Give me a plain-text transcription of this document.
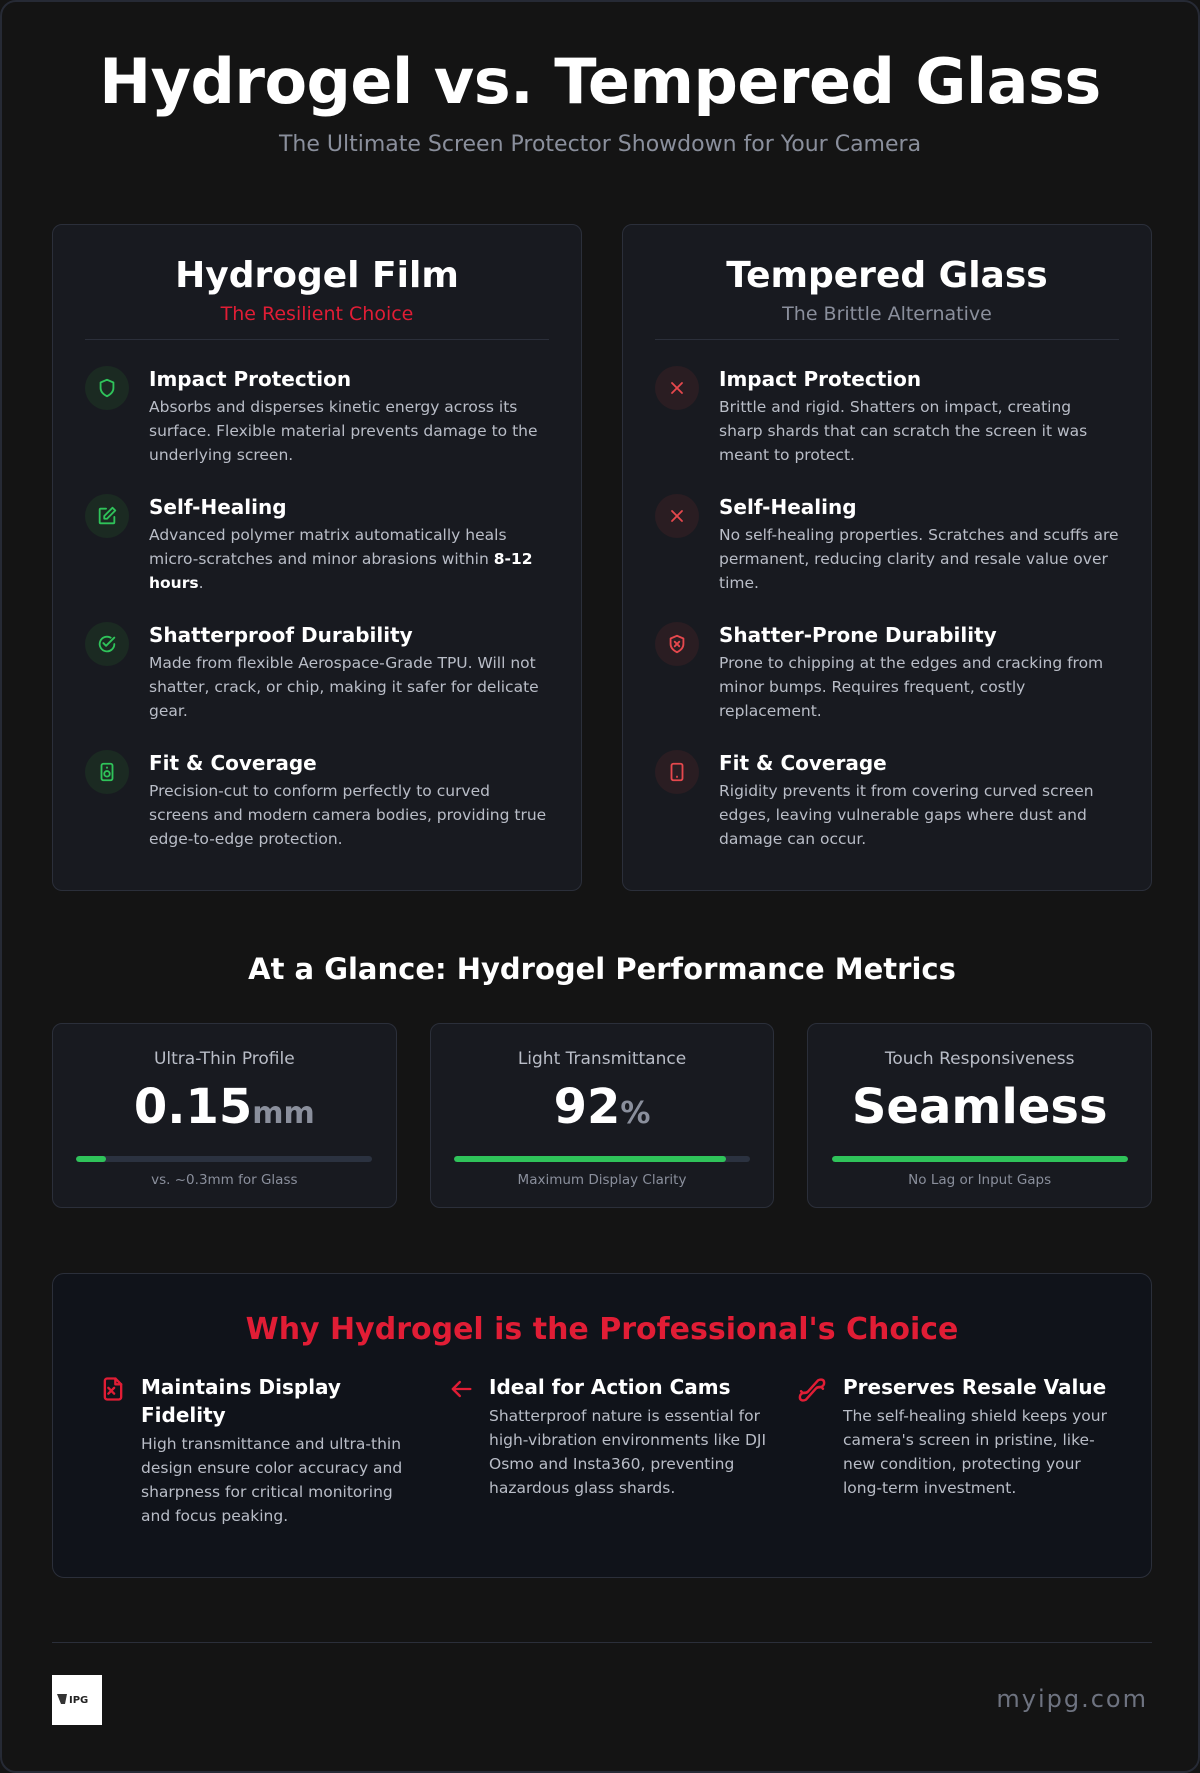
Hydrogel vs. Tempered Glass
The Ultimate Screen Protector Showdown for Your Camera
Hydrogel Film
The Resilient Choice
Impact Protection

Absorbs and disperses kinetic energy across its surface. Flexible material prevents damage to the underlying screen.

Self-Healing

Advanced polymer matrix automatically heals micro-scratches and minor abrasions within 8-12 hours.

Shatterproof Durability

Made from flexible Aerospace-Grade TPU. Will not shatter, crack, or chip, making it safer for delicate gear.

Fit & Coverage

Precision-cut to conform perfectly to curved screens and modern camera bodies, providing true edge-to-edge protection.

Tempered Glass
The Brittle Alternative
Impact Protection

Brittle and rigid. Shatters on impact, creating sharp shards that can scratch the screen it was meant to protect.

Self-Healing

No self-healing properties. Scratches and scuffs are permanent, reducing clarity and resale value over time.

Shatter-Prone Durability

Prone to chipping at the edges and cracking from minor bumps. Requires frequent, costly replacement.

Fit & Coverage

Rigidity prevents it from covering curved screen edges, leaving vulnerable gaps where dust and damage can occur.

At a Glance: Hydrogel Performance Metrics
Ultra-Thin Profile
0.15mm
vs. ~0.3mm for Glass
Light Transmittance
92%
Maximum Display Clarity
Touch Responsiveness
Seamless
No Lag or Input Gaps
Why Hydrogel is the Professional's Choice
Maintains Display Fidelity

High transmittance and ultra-thin design ensure color accuracy and sharpness for critical monitoring and focus peaking.

Ideal for Action Cams

Shatterproof nature is essential for high-vibration environments like DJI Osmo and Insta360, preventing hazardous glass shards.

Preserves Resale Value

The self-healing shield keeps your camera's screen in pristine, like-new condition, protecting your long-term investment.

IPG	myipg.com
